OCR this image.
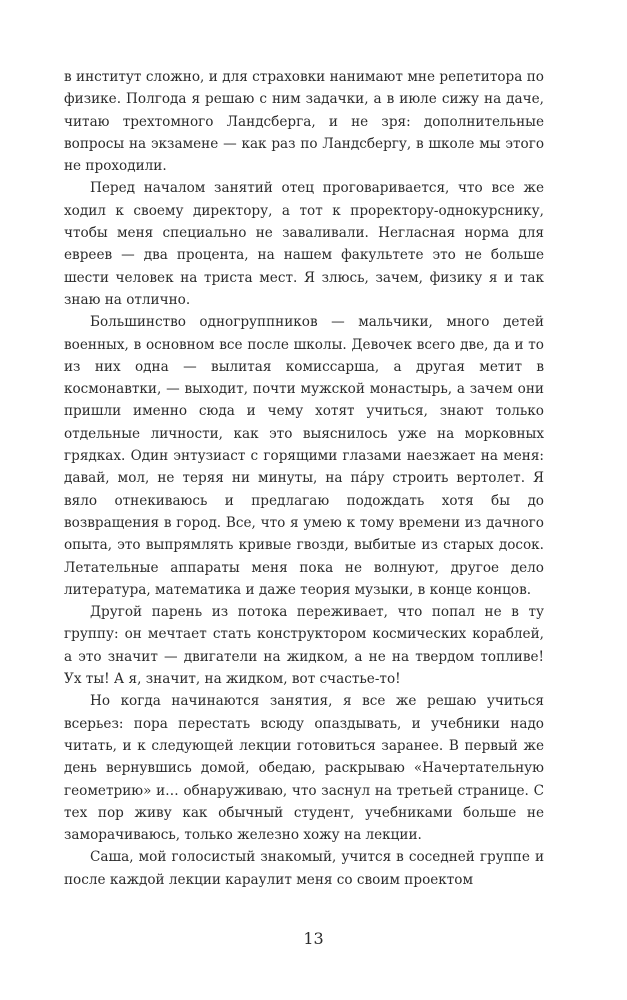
в институт сложно, и для страховки нанимают мне репетитора по физике. Полгода я решаю с ним задачки, а в июле сижу на даче, читаю трехтомного Ландсберга, и не зря: дополнительные вопросы на экзамене — как раз по Ландсбергу, в школе мы этого не проходили.

Перед началом занятий отец проговаривается, что все же ходил к своему директору, а тот к проректору-однокурснику, чтобы меня специально не заваливали. Негласная норма для евреев — два процента, на нашем факультете это не больше шести человек на триста мест. Я злюсь, зачем, физику я и так знаю на отлично.

Большинство одногруппников — мальчики, много детей военных, в основном все после школы. Девочек всего две, да и то из них одна — вылитая комиссарша, а другая метит в космонавтки, — выходит, почти мужской монастырь, а зачем они пришли именно сюда и чему хотят учиться, знают только отдельные личности, как это выяснилось уже на морковных грядках. Один энтузиаст с горящими глазами наезжает на меня: давай, мол, не теряя ни минуты, на па́ру строить вертолет. Я вяло отнекиваюсь и предлагаю подождать хотя бы до возвращения в город. Все, что я умею к тому времени из дачного опыта, это выпрямлять кривые гвозди, выбитые из старых досок. Летательные аппараты меня пока не волнуют, другое дело литература, математика и даже теория музыки, в конце концов.

Другой парень из потока переживает, что попал не в ту группу: он мечтает стать конструктором космических кораблей, а это значит — двигатели на жидком, а не на твердом топливе! Ух ты! А я, значит, на жидком, вот счастье-то!

Но когда начинаются занятия, я все же решаю учиться всерьез: пора перестать всюду опаздывать, и учебники надо читать, и к следующей лекции готовиться заранее. В первый же день вернувшись домой, обедаю, раскрываю «Начертательную геометрию» и… обнаруживаю, что заснул на третьей странице. С тех пор живу как обычный студент, учебниками больше не заморачиваюсь, только железно хожу на лекции.

Саша, мой голосистый знакомый, учится в соседней группе и после каждой лекции караулит меня со своим проектом

13
